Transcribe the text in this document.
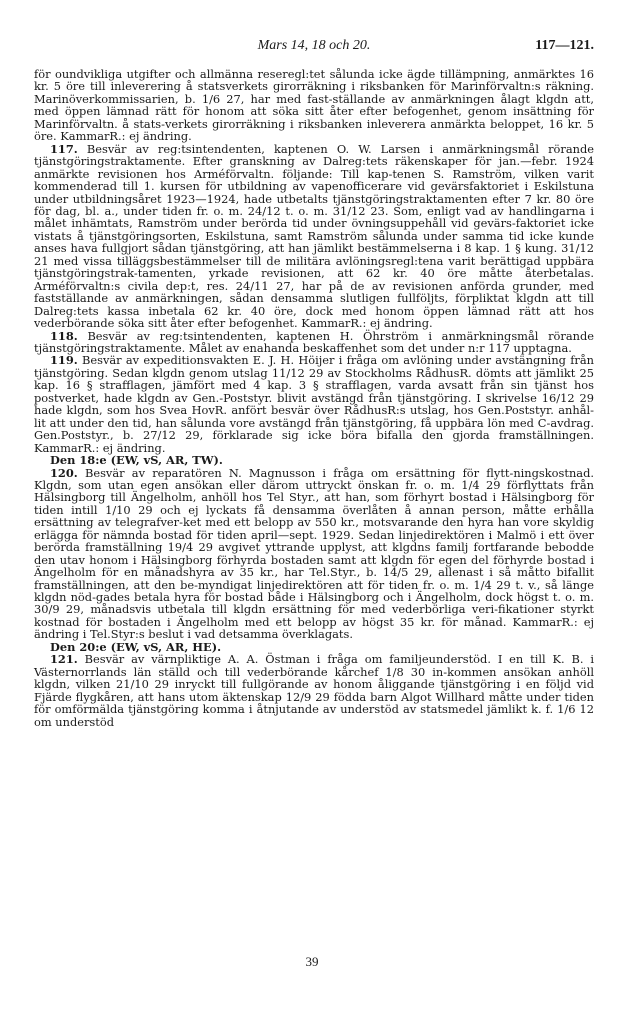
Mars 14, 18 och 20.	117—121.

för oundvikliga utgifter och allmänna reseregl:tet sålunda icke ägde tillämpning, anmärktes 16 kr. 5 öre till inleverering å statsverkets girorräkning i riksbanken för Marinförvaltn:s räkning. Marinöverkommissarien, b. 1/6 27, har med fast-ställande av anmärkningen ålagt klgdn att, med öppen lämnad rätt för honom att söka sitt åter efter befogenhet, genom insättning för Marinförvaltn. å stats-verkets girorräkning i riksbanken inleverera anmärkta beloppet, 16 kr. 5 öre. KammarR.: ej ändring.

117. Besvär av reg:tsintendenten, kaptenen O. W. Larsen i anmärkningsmål rörande tjänstgöringstraktamente. Efter granskning av Dalreg:tets räkenskaper för jan.—febr. 1924 anmärkte revisionen hos Arméförvaltn. följande: Till kap-tenen S. Ramström, vilken varit kommenderad till 1. kursen för utbildning av vapenofficerare vid gevärsfaktoriet i Eskilstuna under utbildningsåret 1923—1924, hade utbetalts tjänstgöringstraktamenten efter 7 kr. 80 öre för dag, bl. a., under tiden fr. o. m. 24/12 t. o. m. 31/12 23. Som, enligt vad av handlingarna i målet inhämtats, Ramström under berörda tid under övningsuppehåll vid gevärs-faktoriet icke vistats å tjänstgöringsorten, Eskilstuna, samt Ramström sålunda under samma tid icke kunde anses hava fullgjort sådan tjänstgöring, att han jämlikt bestämmelserna i 8 kap. 1 § kung. 31/12 21 med vissa tilläggsbestämmelser till de militära avlöningsregl:tena varit berättigad uppbära tjänstgöringstrak-tamenten, yrkade revisionen, att 62 kr. 40 öre måtte återbetalas. Arméförvaltn:s civila dep:t, res. 24/11 27, har på de av revisionen anförda grunder, med fastställande av anmärkningen, sådan densamma slutligen fullföljts, förpliktat klgdn att till Dalreg:tets kassa inbetala 62 kr. 40 öre, dock med honom öppen lämnad rätt att hos vederbörande söka sitt åter efter befogenhet. KammarR.: ej ändring.

118. Besvär av reg:tsintendenten, kaptenen H. Öhrström i anmärkningsmål rörande tjänstgöringstraktamente. Målet av enahanda beskaffenhet som det under n:r 117 upptagna.

119. Besvär av expeditionsvakten E. J. H. Höijer i fråga om avlöning under avstängning från tjänstgöring. Sedan klgdn genom utslag 11/12 29 av Stockholms RådhusR. dömts att jämlikt 25 kap. 16 § strafflagen, jämfört med 4 kap. 3 § strafflagen, varda avsatt från sin tjänst hos postverket, hade klgdn av Gen.-Poststyr. blivit avstängd från tjänstgöring. I skrivelse 16/12 29 hade klgdn, som hos Svea HovR. anfört besvär över RådhusR:s utslag, hos Gen.Poststyr. anhål-lit att under den tid, han sålunda vore avstängd från tjänstgöring, få uppbära lön med C-avdrag. Gen.Poststyr., b. 27/12 29, förklarade sig icke böra bifalla den gjorda framställningen. KammarR.: ej ändring.

Den 18:e (EW, vS, AR, TW).

120. Besvär av reparatören N. Magnusson i fråga om ersättning för flytt-ningskostnad. Klgdn, som utan egen ansökan eller därom uttryckt önskan fr. o. m. 1/4 29 förflyttats från Hälsingborg till Ängelholm, anhöll hos Tel Styr., att han, som förhyrt bostad i Hälsingborg för tiden intill 1/10 29 och ej lyckats få densamma överlåten å annan person, måtte erhålla ersättning av telegrafver-ket med ett belopp av 550 kr., motsvarande den hyra han vore skyldig erlägga för nämnda bostad för tiden april—sept. 1929. Sedan linjedirektören i Malmö i ett över berörda framställning 19/4 29 avgivet yttrande upplyst, att klgdns familj fortfarande bebodde den utav honom i Hälsingborg förhyrda bostaden samt att klgdn för egen del förhyrde bostad i Ängelholm för en månadshyra av 35 kr., har Tel.Styr., b. 14/5 29, allenast i så måtto bifallit framställningen, att den be-myndigat linjedirektören att för tiden fr. o. m. 1/4 29 t. v., så länge klgdn nöd-gades betala hyra för bostad både i Hälsingborg och i Ängelholm, dock högst t. o. m. 30/9 29, månadsvis utbetala till klgdn ersättning för med vederbörliga veri-fikationer styrkt kostnad för bostaden i Ängelholm med ett belopp av högst 35 kr. för månad. KammarR.: ej ändring i Tel.Styr:s beslut i vad detsamma överklagats.

Den 20:e (EW, vS, AR, HE).

121. Besvär av värnpliktige A. A. Östman i fråga om familjeunderstöd. I en till K. B. i Västernorrlands län ställd och till vederbörande kårchef 1/8 30 in-kommen ansökan anhöll klgdn, vilken 21/10 29 inryckt till fullgörande av honom åliggande tjänstgöring i en följd vid Fjärde flygkåren, att hans utom äktenskap 12/9 29 födda barn Algot Willhard måtte under tiden för omförmälda tjänstgöring komma i åtnjutande av understöd av statsmedel jämlikt k. f. 1/6 12 om understöd

39
